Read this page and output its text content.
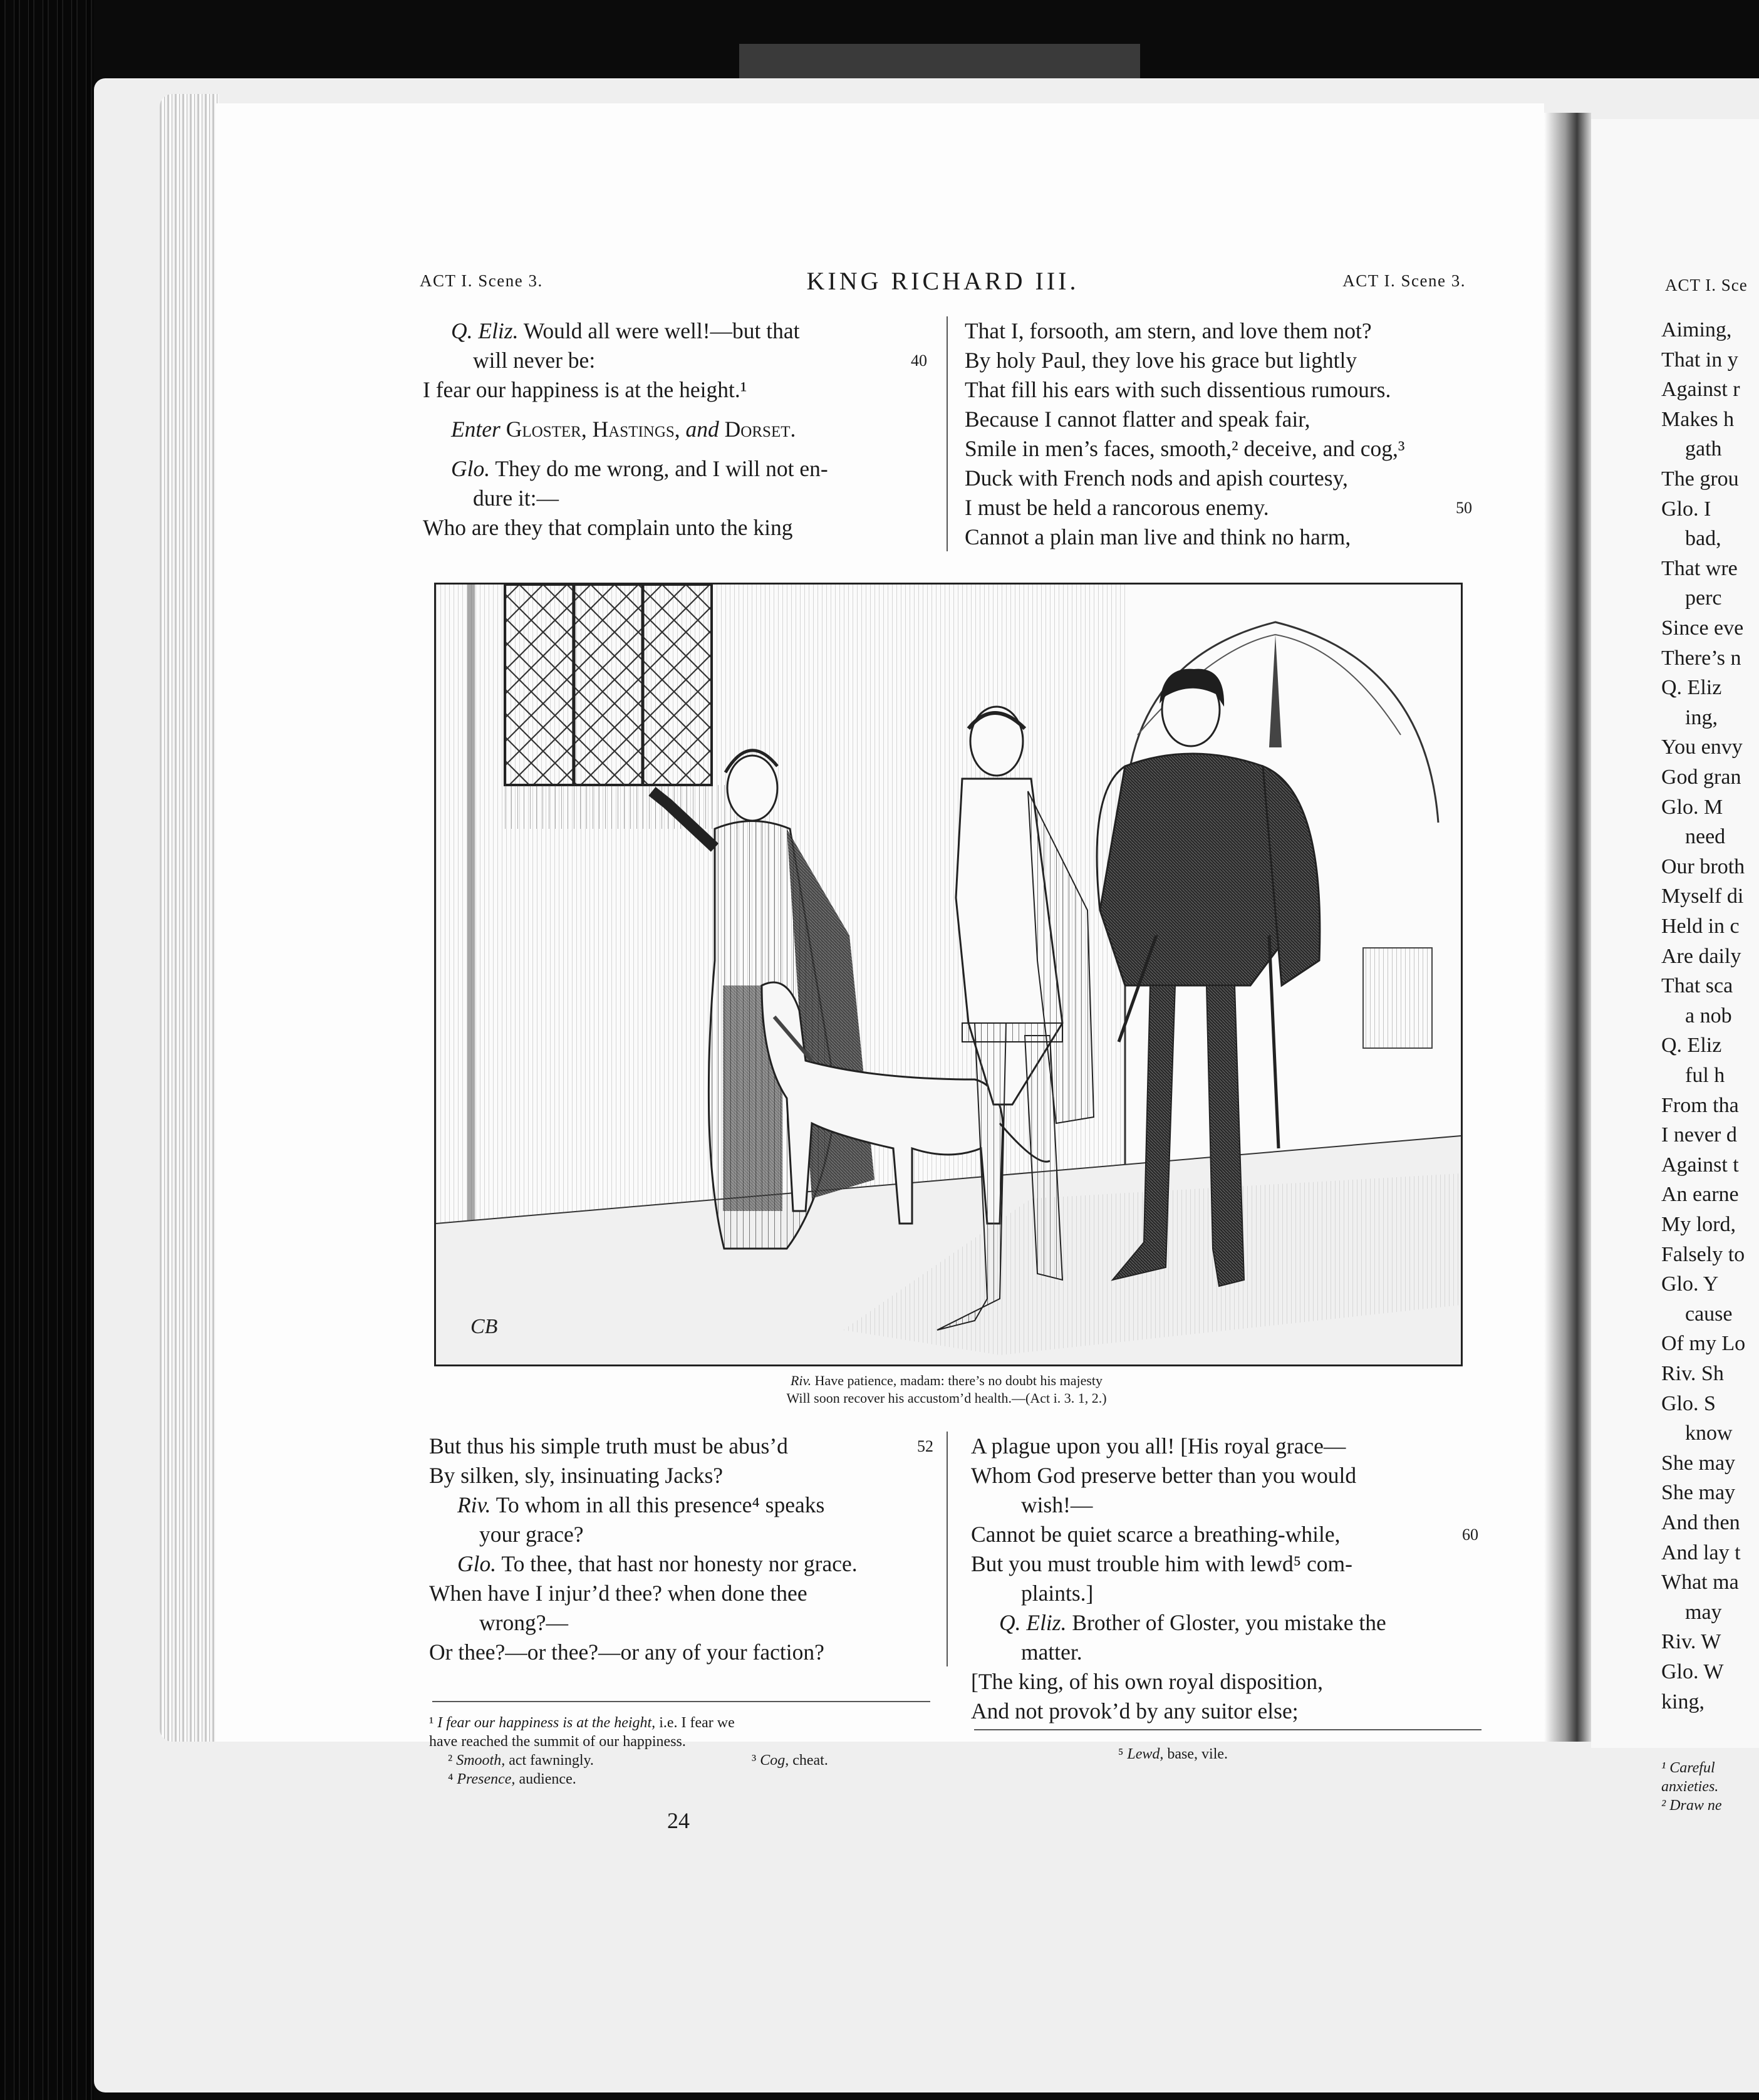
ACT I. Scene 3.	KING RICHARD III.	ACT I. Scene 3.
Q. Eliz. Would all were well!—but that
will never be:	40
I fear our happiness is at the height.¹
Enter Gloster, Hastings, and Dorset.
Glo. They do me wrong, and I will not en-
dure it:—
Who are they that complain unto the king
That I, forsooth, am stern, and love them not?
By holy Paul, they love his grace but lightly
That fill his ears with such dissentious rumours.
Because I cannot flatter and speak fair,
Smile in men’s faces, smooth,² deceive, and cog,³
Duck with French nods and apish courtesy,
I must be held a rancorous enemy.	50
Cannot a plain man live and think no harm,
CB
Riv. Have patience, madam: there’s no doubt his majesty
Will soon recover his accustom’d health.—(Act i. 3. 1, 2.)
But thus his simple truth must be abus’d	52
By silken, sly, insinuating Jacks?
Riv. To whom in all this presence⁴ speaks
your grace?
Glo. To thee, that hast nor honesty nor grace.
When have I injur’d thee? when done thee
wrong?—
Or thee?—or thee?—or any of your faction?
A plague upon you all! [His royal grace—
Whom God preserve better than you would
wish!—
Cannot be quiet scarce a breathing-while,	60
But you must trouble him with lewd⁵ com-
plaints.]
Q. Eliz. Brother of Gloster, you mistake the
matter.
[The king, of his own royal disposition,
And not provok’d by any suitor else;
¹ I fear our happiness is at the height, i.e. I fear we
have reached the summit of our happiness.
² Smooth, act fawningly.	³ Cog, cheat.
⁴ Presence, audience.
⁵ Lewd, base, vile.
24
ACT I. Sce
Aiming,
That in y
Against r
Makes h
gath
The grou
Glo. I
bad,
That wre
perc
Since eve
There’s n
Q. Eliz
ing,
You envy
God gran
Glo. M
need
Our broth
Myself di
Held in c
Are daily
That sca
a nob
Q. Eliz
ful h
From tha
I never d
Against t
An earne
My lord,
Falsely to
Glo. Y
cause
Of my Lo
Riv. Sh
Glo. S
know
She may
She may
And then
And lay t
What ma
may
Riv. W
Glo. W
king,
¹ Careful
anxieties.
² Draw ne
